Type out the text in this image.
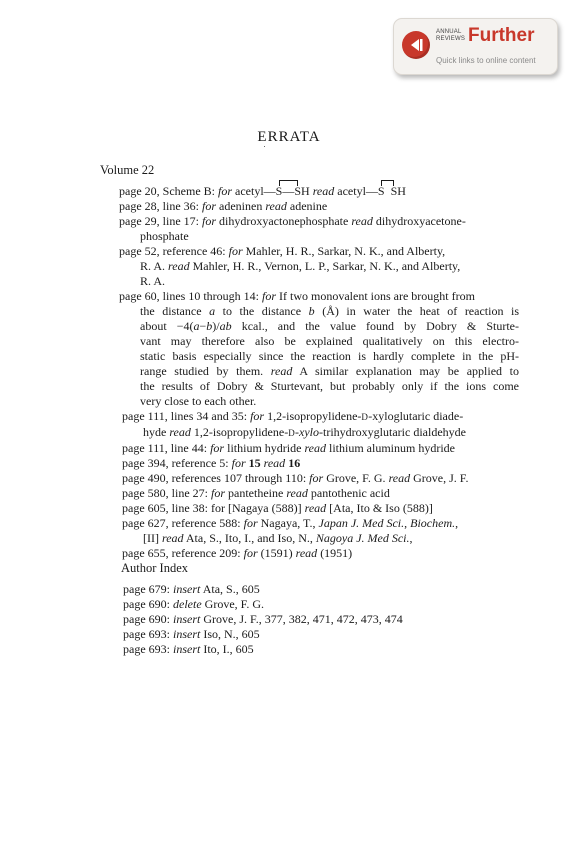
ANNUAL
REVIEWS Further
Quick links to online content
ERRATA
Volume 22
page 20, Scheme B: for acetyl—S—SH read acetyl—S  SH
page 28, line 36: for adeninen read adenine
page 29, line 17: for dihydroxyactonephosphate read dihydroxyacetone-
phosphate
page 52, reference 46: for Mahler, H. R., Sarkar, N. K., and Alberty,
R. A. read Mahler, H. R., Vernon, L. P., Sarkar, N. K., and Alberty,
R. A.
page 60, lines 10 through 14: for If two monovalent ions are brought from
the distance a to the distance b (Å) in water the heat of reaction is
about −4(a−b)/ab kcal., and the value found by Dobry & Sturte-
vant may therefore also be explained qualitatively on this electro-
static basis especially since the reaction is hardly complete in the pH-
range studied by them. read A similar explanation may be applied to
the results of Dobry & Sturtevant, but probably only if the ions come
very close to each other.
page 111, lines 34 and 35: for 1,2-isopropylidene-D-xyloglutaric diade-
hyde read 1,2-isopropylidene-D-xylo-trihydroxyglutaric dialdehyde
page 111, line 44: for lithium hydride read lithium aluminum hydride
page 394, reference 5: for 15 read 16
page 490, references 107 through 110: for Grove, F. G. read Grove, J. F.
page 580, line 27: for pantetheine read pantothenic acid
page 605, line 38: for [Nagaya (588)] read [Ata, Ito & Iso (588)]
page 627, reference 588: for Nagaya, T., Japan J. Med Sci., Biochem.,
[II] read Ata, S., Ito, I., and Iso, N., Nagoya J. Med Sci.,
page 655, reference 209: for (1591) read (1951)
Author Index
page 679: insert Ata, S., 605
page 690: delete Grove, F. G.
page 690: insert Grove, J. F., 377, 382, 471, 472, 473, 474
page 693: insert Iso, N., 605
page 693: insert Ito, I., 605
